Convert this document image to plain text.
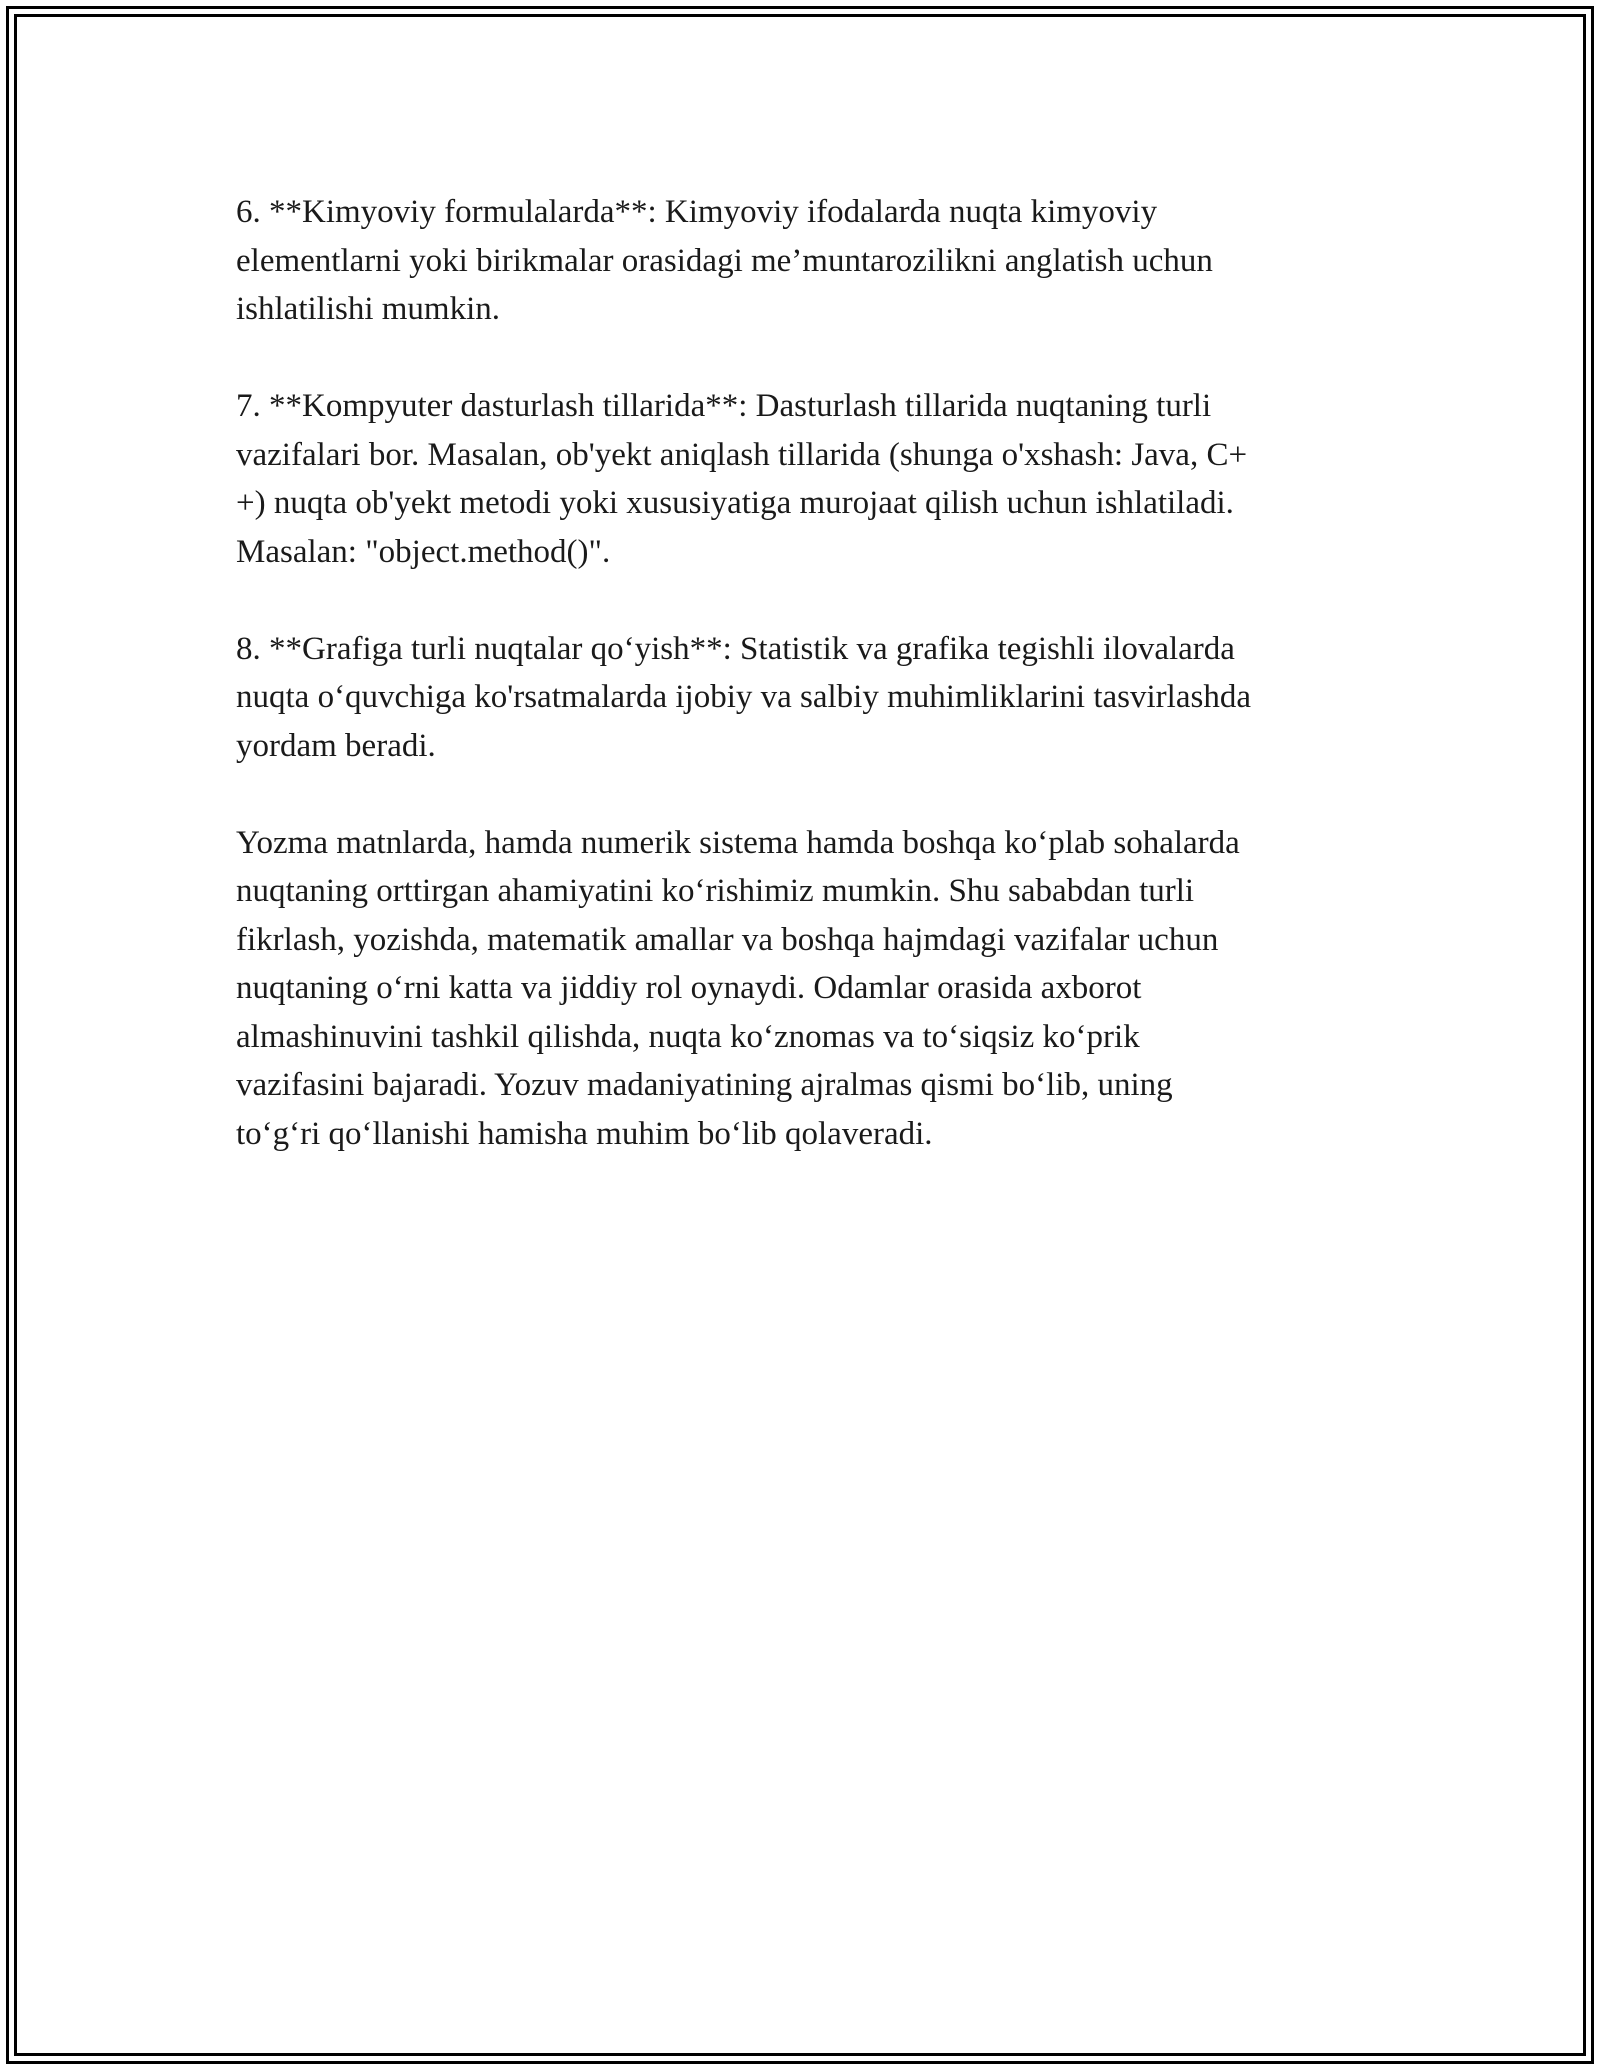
6. **Kimyoviy formulalarda**: Kimyoviy ifodalarda nuqta kimyoviy
elementlarni yoki birikmalar orasidagi me’muntarozilikni anglatish uchun
ishlatilishi mumkin.

7. **Kompyuter dasturlash tillarida**: Dasturlash tillarida nuqtaning turli
vazifalari bor. Masalan, ob'yekt aniqlash tillarida (shunga o'xshash: Java, C+
+) nuqta ob'yekt metodi yoki xususiyatiga murojaat qilish uchun ishlatiladi.
Masalan: "object.method()".

8. **Grafiga turli nuqtalar qo‘yish**: Statistik va grafika tegishli ilovalarda
nuqta o‘quvchiga ko'rsatmalarda ijobiy va salbiy muhimliklarini tasvirlashda
yordam beradi.

Yozma matnlarda, hamda numerik sistema hamda boshqa ko‘plab sohalarda
nuqtaning orttirgan ahamiyatini ko‘rishimiz mumkin. Shu sababdan turli
fikrlash, yozishda, matematik amallar va boshqa hajmdagi vazifalar uchun
nuqtaning o‘rni katta va jiddiy rol oynaydi. Odamlar orasida axborot
almashinuvini tashkil qilishda, nuqta ko‘znomas va to‘siqsiz ko‘prik
vazifasini bajaradi. Yozuv madaniyatining ajralmas qismi bo‘lib, uning
to‘g‘ri qo‘llanishi hamisha muhim bo‘lib qolaveradi.
